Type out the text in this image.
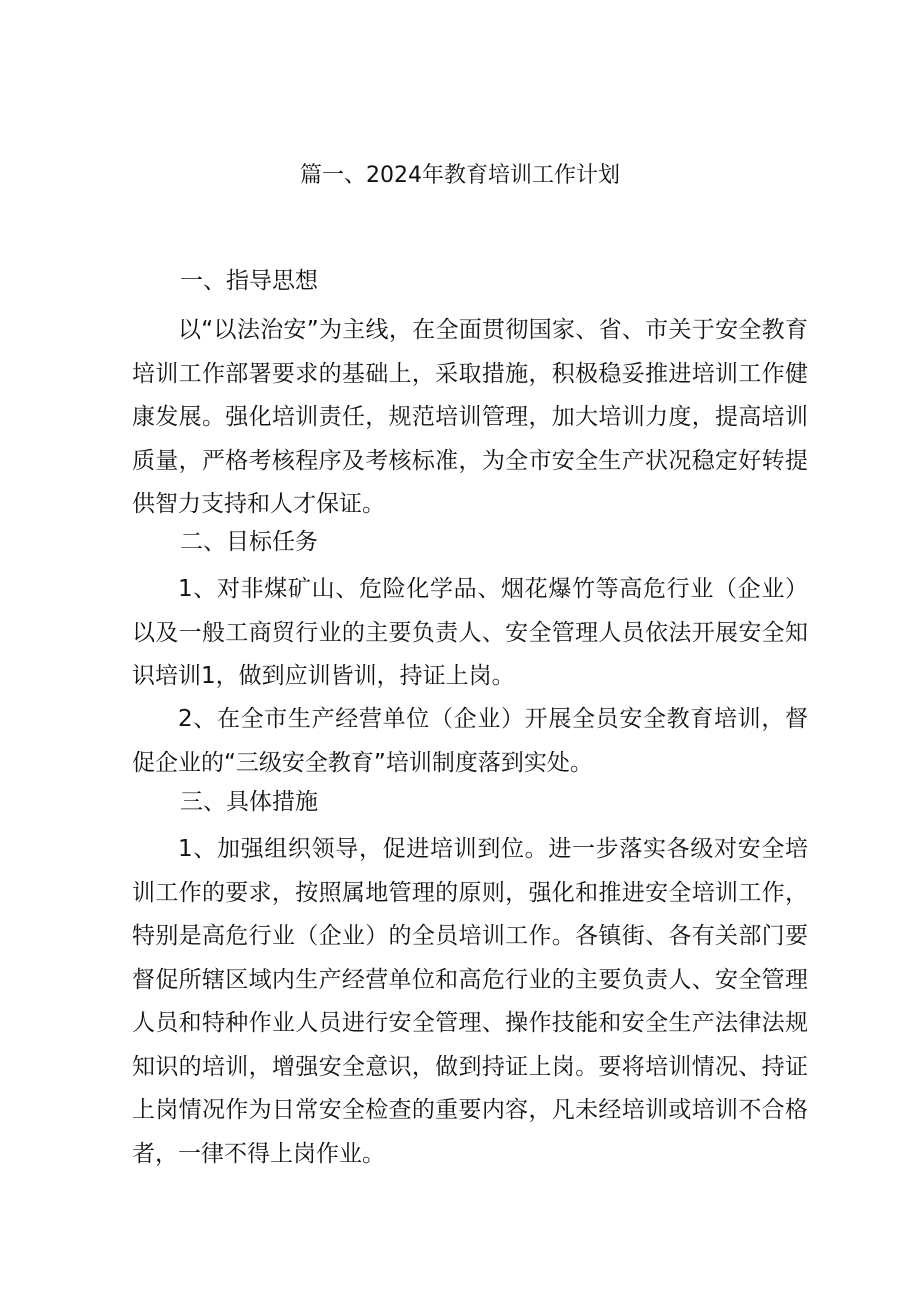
篇一、2024年教育培训工作计划
一、指导思想
以“以法治安”为主线，在全面贯彻国家、省、市关于安全教育培训工作部署要求的基础上，采取措施，积极稳妥推进培训工作健康发展。强化培训责任，规范培训管理，加大培训力度，提高培训质量，严格考核程序及考核标准，为全市安全生产状况稳定好转提供智力支持和人才保证。
二、目标任务
1、对非煤矿山、危险化学品、烟花爆竹等高危行业（企业）以及一般工商贸行业的主要负责人、安全管理人员依法开展安全知识培训1，做到应训皆训，持证上岗。
2、在全市生产经营单位（企业）开展全员安全教育培训，督促企业的“三级安全教育”培训制度落到实处。
三、具体措施
1、加强组织领导，促进培训到位。进一步落实各级对安全培训工作的要求，按照属地管理的原则，强化和推进安全培训工作，特别是高危行业（企业）的全员培训工作。各镇街、各有关部门要督促所辖区域内生产经营单位和高危行业的主要负责人、安全管理人员和特种作业人员进行安全管理、操作技能和安全生产法律法规知识的培训，增强安全意识，做到持证上岗。要将培训情况、持证上岗情况作为日常安全检查的重要内容，凡未经培训或培训不合格者，一律不得上岗作业。
